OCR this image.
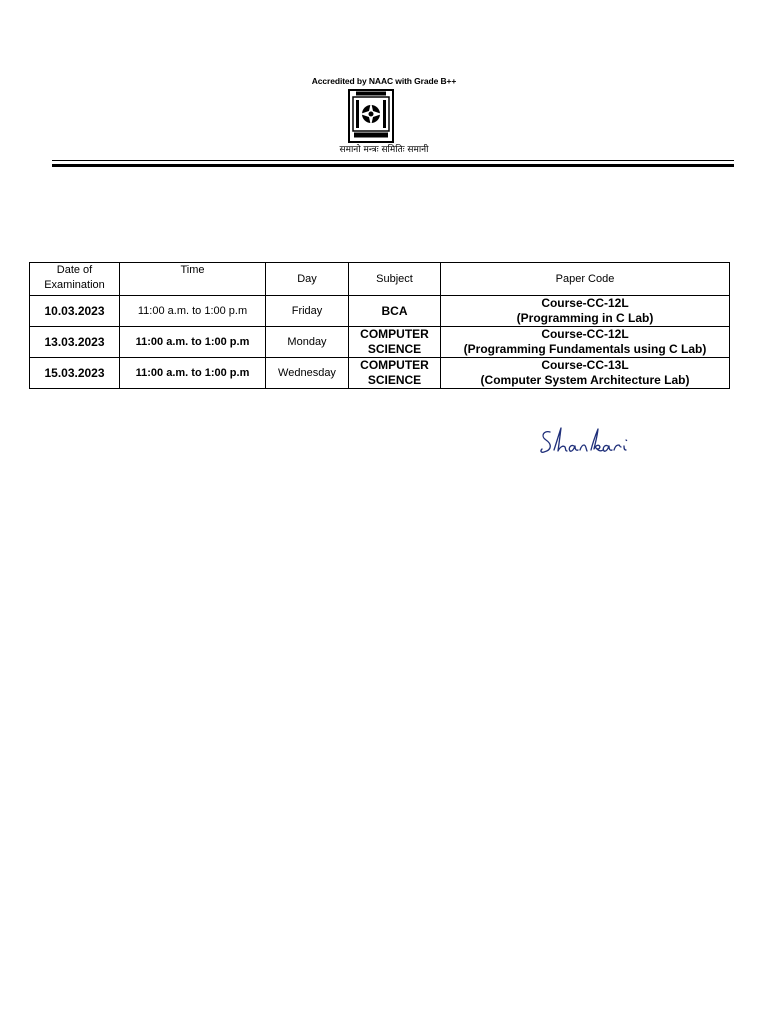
Accredited by NAAC with Grade B++
समानो मन्त्रः समितिः समानी
Date of
Examination	Time	Day	Subject	Paper Code
10.03.2023	11:00 a.m. to 1:00 p.m	Friday	BCA	Course-CC-12L
(Programming in C Lab)

13.03.2023	11:00 a.m. to 1:00 p.m	Monday	COMPUTER
SCIENCE	Course-CC-12L
(Programming Fundamentals using C Lab)

15.03.2023	11:00 a.m. to 1:00 p.m	Wednesday	COMPUTER
SCIENCE	Course-CC-13L
(Computer System Architecture Lab)
